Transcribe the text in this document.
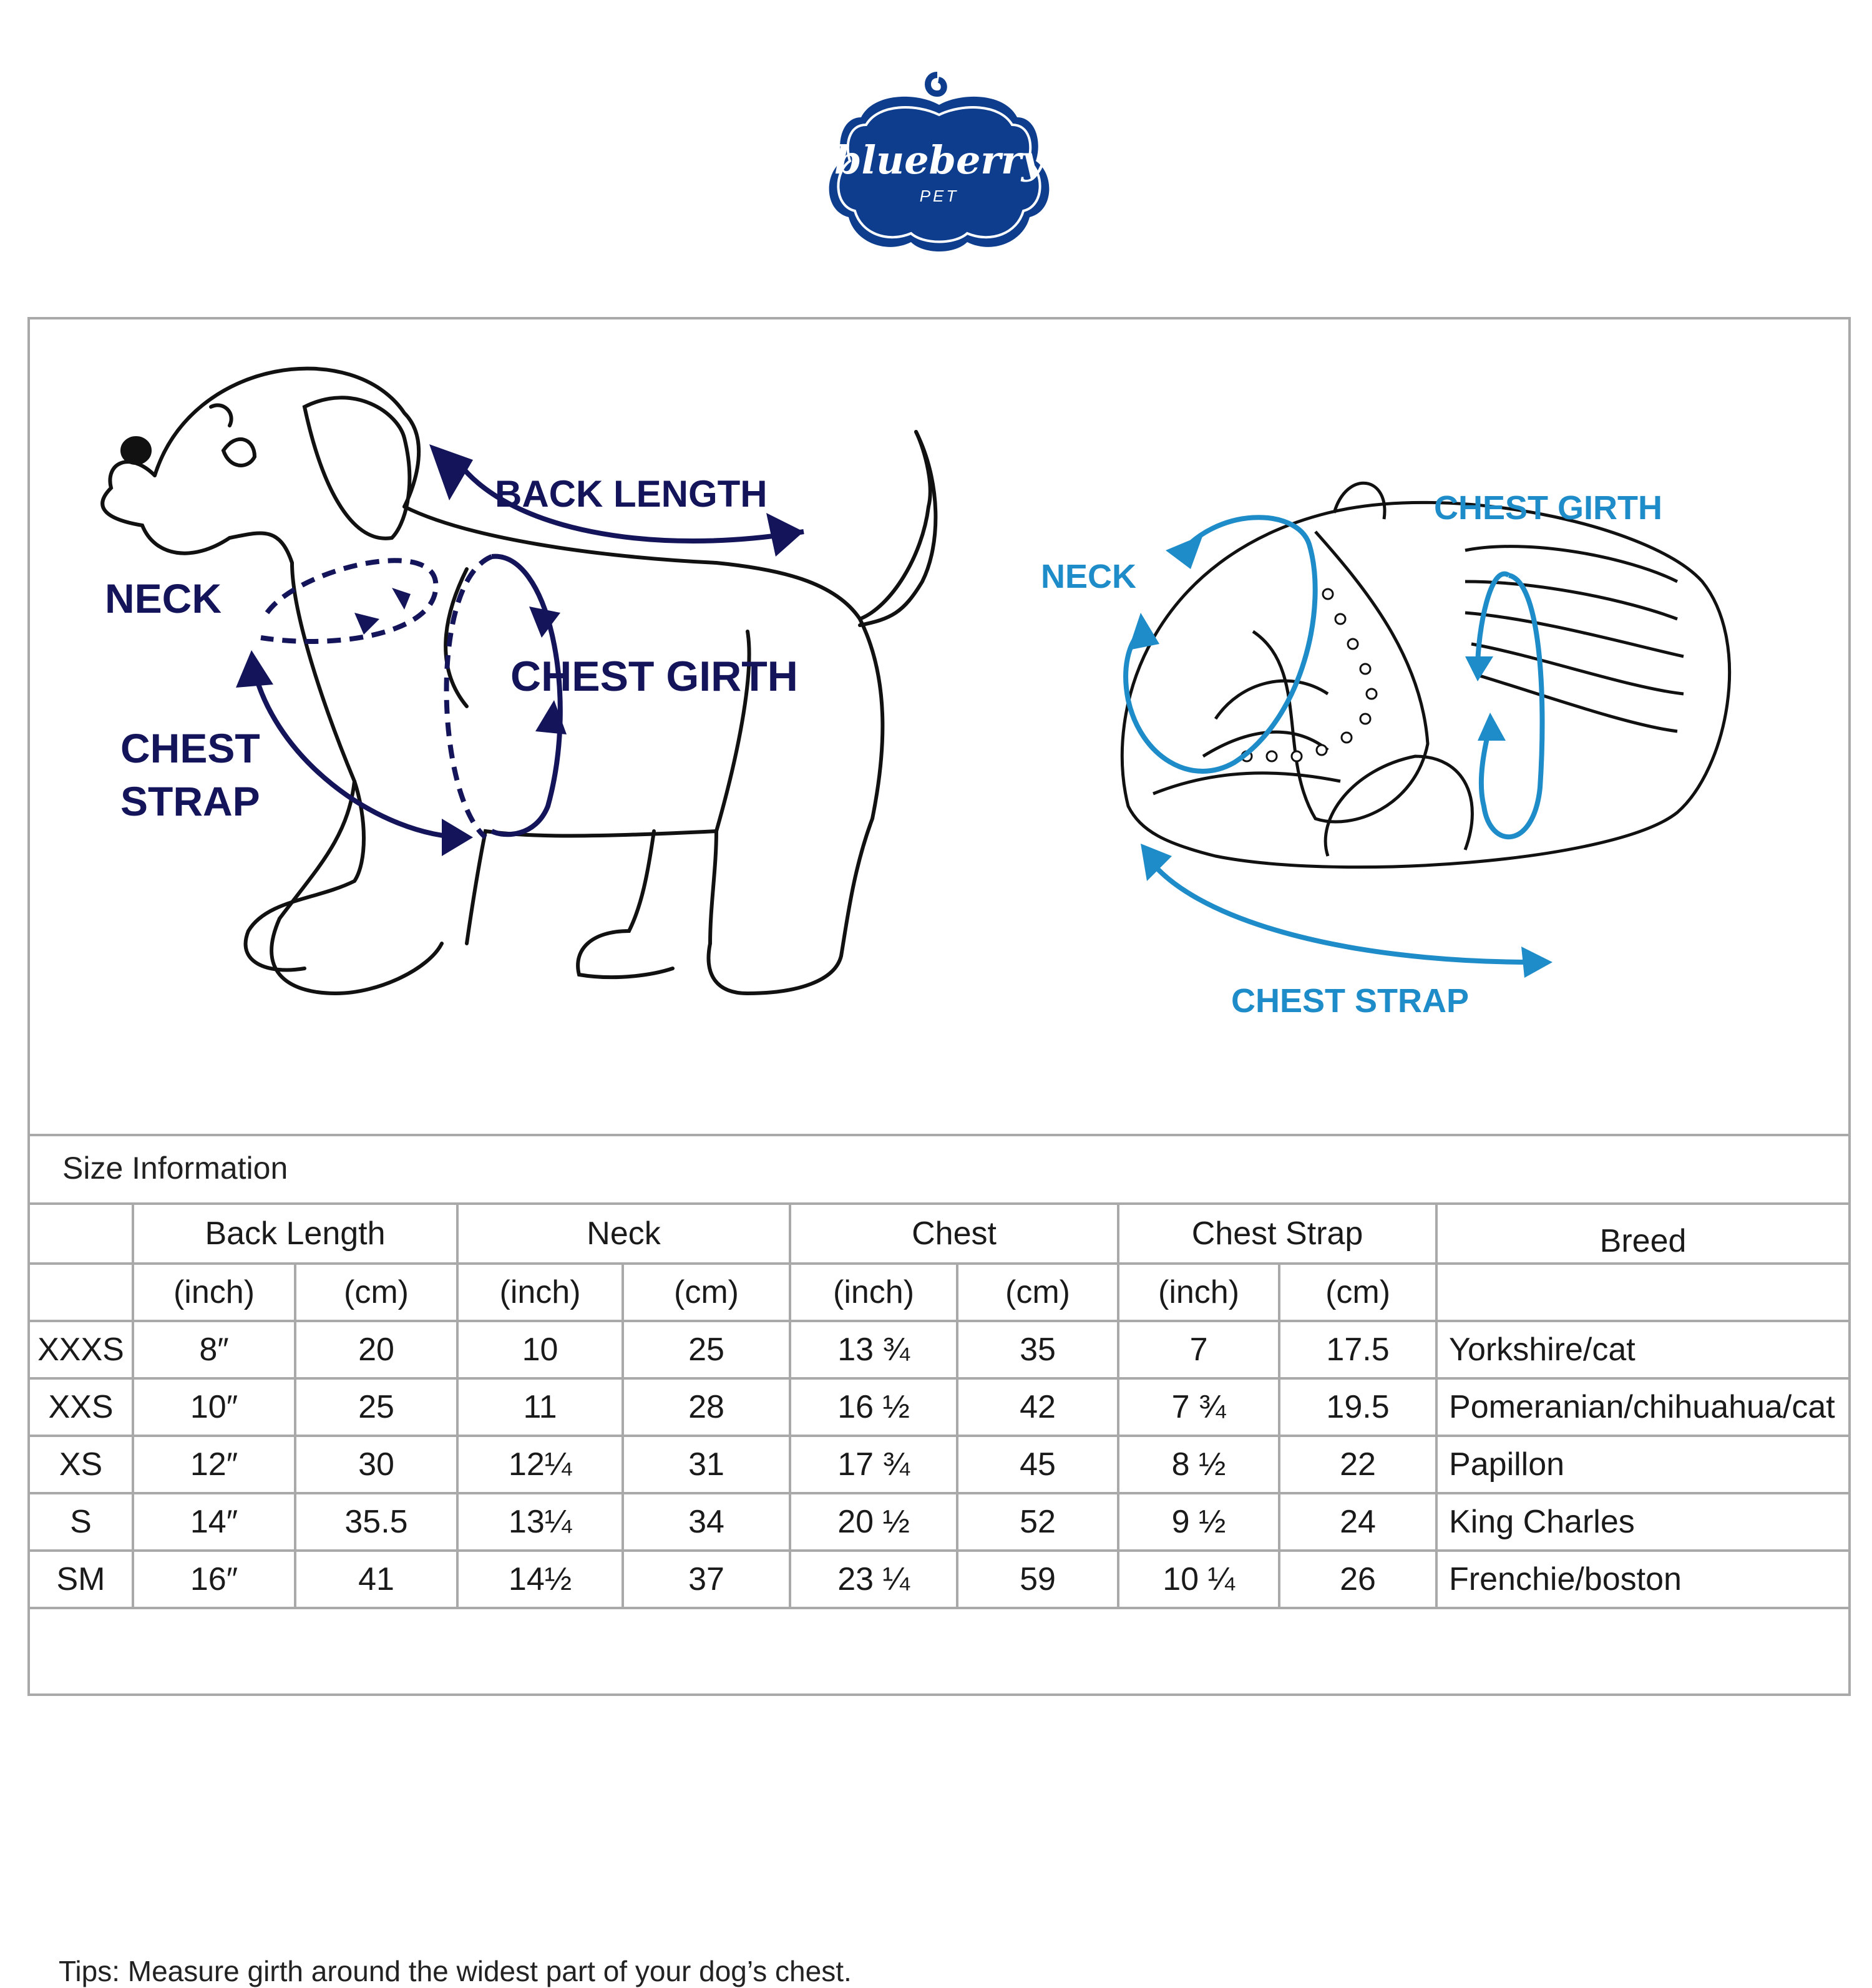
blueberry
PET
BACK LENGTH
NECK
CHEST GIRTH
CHEST
STRAP
CHEST GIRTH
NECK
CHEST STRAP
Size Information
	Back Length		Neck		Chest		Chest Strap		Breed
	(inch)	(cm)	(inch)	(cm)	(inch)	(cm)	(inch)	(cm)	
XXXS	8″	20	10	25	13 ¾	35	7	17.5	Yorkshire/cat
XXS	10″	25	11	28	16 ½	42	7 ¾	19.5	Pomeranian/chihuahua/cat
XS	12″	30	12¼	31	17 ¾	45	8 ½	22	Papillon
S	14″	35.5	13¼	34	20 ½	52	9 ½	24	King Charles
SM	16″	41	14½	37	23 ¼	59	10 ¼	26	Frenchie/boston
Tips: Measure girth around the widest part of your dog’s chest.
